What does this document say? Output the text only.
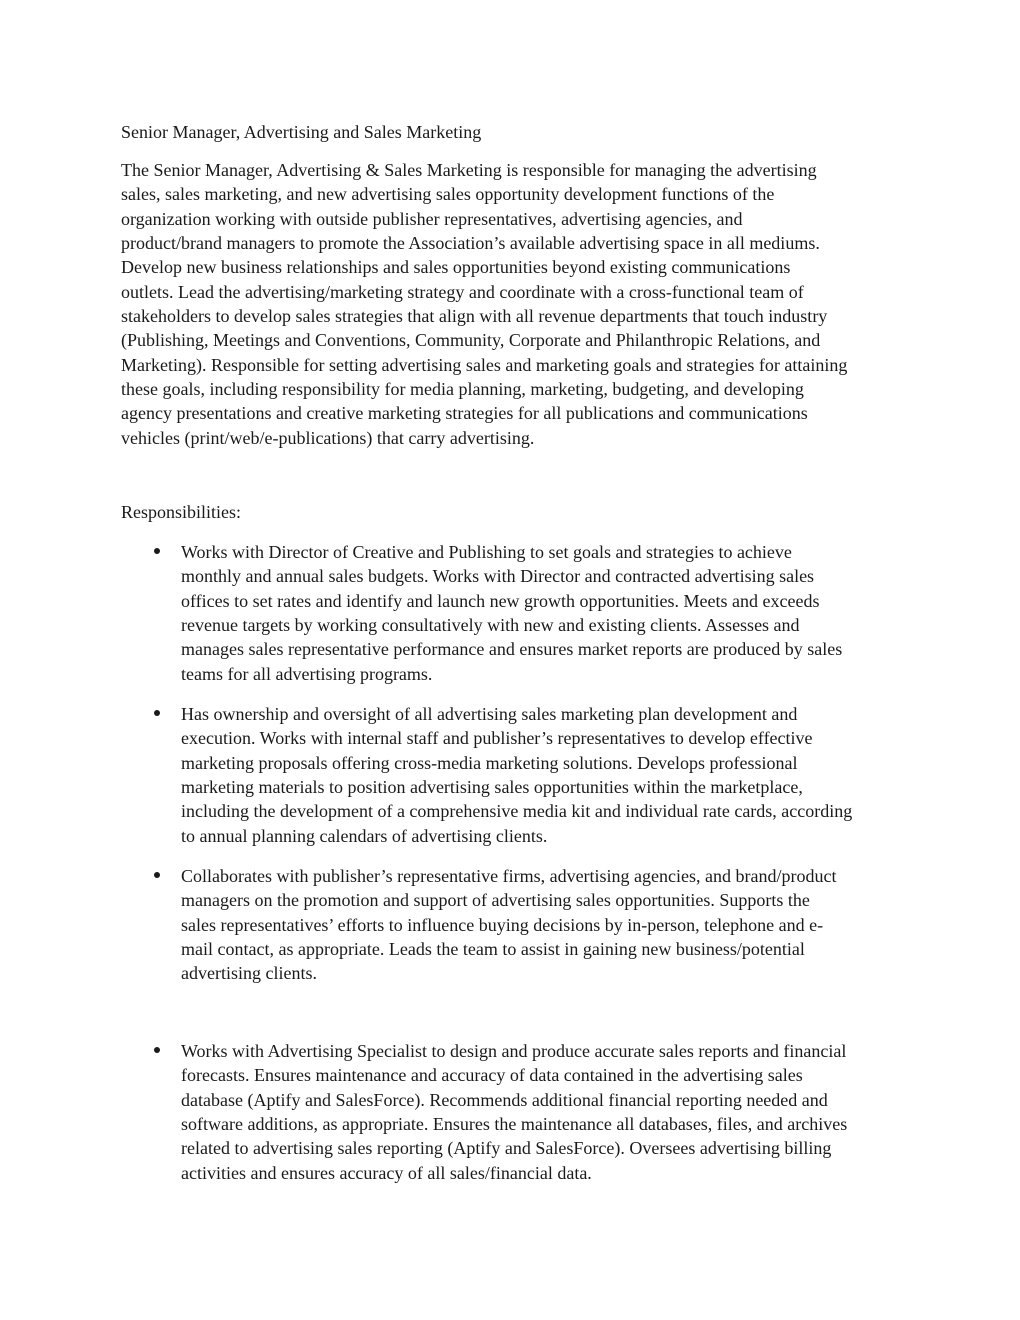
Senior Manager, Advertising and Sales Marketing
The Senior Manager, Advertising & Sales Marketing is responsible for managing the advertising
sales, sales marketing, and new advertising sales opportunity development functions of the
organization working with outside publisher representatives, advertising agencies, and
product/brand managers to promote the Association’s available advertising space in all mediums.
Develop new business relationships and sales opportunities beyond existing communications
outlets. Lead the advertising/marketing strategy and coordinate with a cross-functional team of
stakeholders to develop sales strategies that align with all revenue departments that touch industry
(Publishing, Meetings and Conventions, Community, Corporate and Philanthropic Relations, and
Marketing). Responsible for setting advertising sales and marketing goals and strategies for attaining
these goals, including responsibility for media planning, marketing, budgeting, and developing
agency presentations and creative marketing strategies for all publications and communications
vehicles (print/web/e-publications) that carry advertising.
Responsibilities:
Works with Director of Creative and Publishing to set goals and strategies to achieve
monthly and annual sales budgets. Works with Director and contracted advertising sales
offices to set rates and identify and launch new growth opportunities. Meets and exceeds
revenue targets by working consultatively with new and existing clients. Assesses and
manages sales representative performance and ensures market reports are produced by sales
teams for all advertising programs.
Has ownership and oversight of all advertising sales marketing plan development and
execution. Works with internal staff and publisher’s representatives to develop effective
marketing proposals offering cross-media marketing solutions. Develops professional
marketing materials to position advertising sales opportunities within the marketplace,
including the development of a comprehensive media kit and individual rate cards, according
to annual planning calendars of advertising clients.
Collaborates with publisher’s representative firms, advertising agencies, and brand/product
managers on the promotion and support of advertising sales opportunities. Supports the
sales representatives’ efforts to influence buying decisions by in-person, telephone and e-
mail contact, as appropriate. Leads the team to assist in gaining new business/potential
advertising clients.
Works with Advertising Specialist to design and produce accurate sales reports and financial
forecasts. Ensures maintenance and accuracy of data contained in the advertising sales
database (Aptify and SalesForce). Recommends additional financial reporting needed and
software additions, as appropriate. Ensures the maintenance all databases, files, and archives
related to advertising sales reporting (Aptify and SalesForce). Oversees advertising billing
activities and ensures accuracy of all sales/financial data.
